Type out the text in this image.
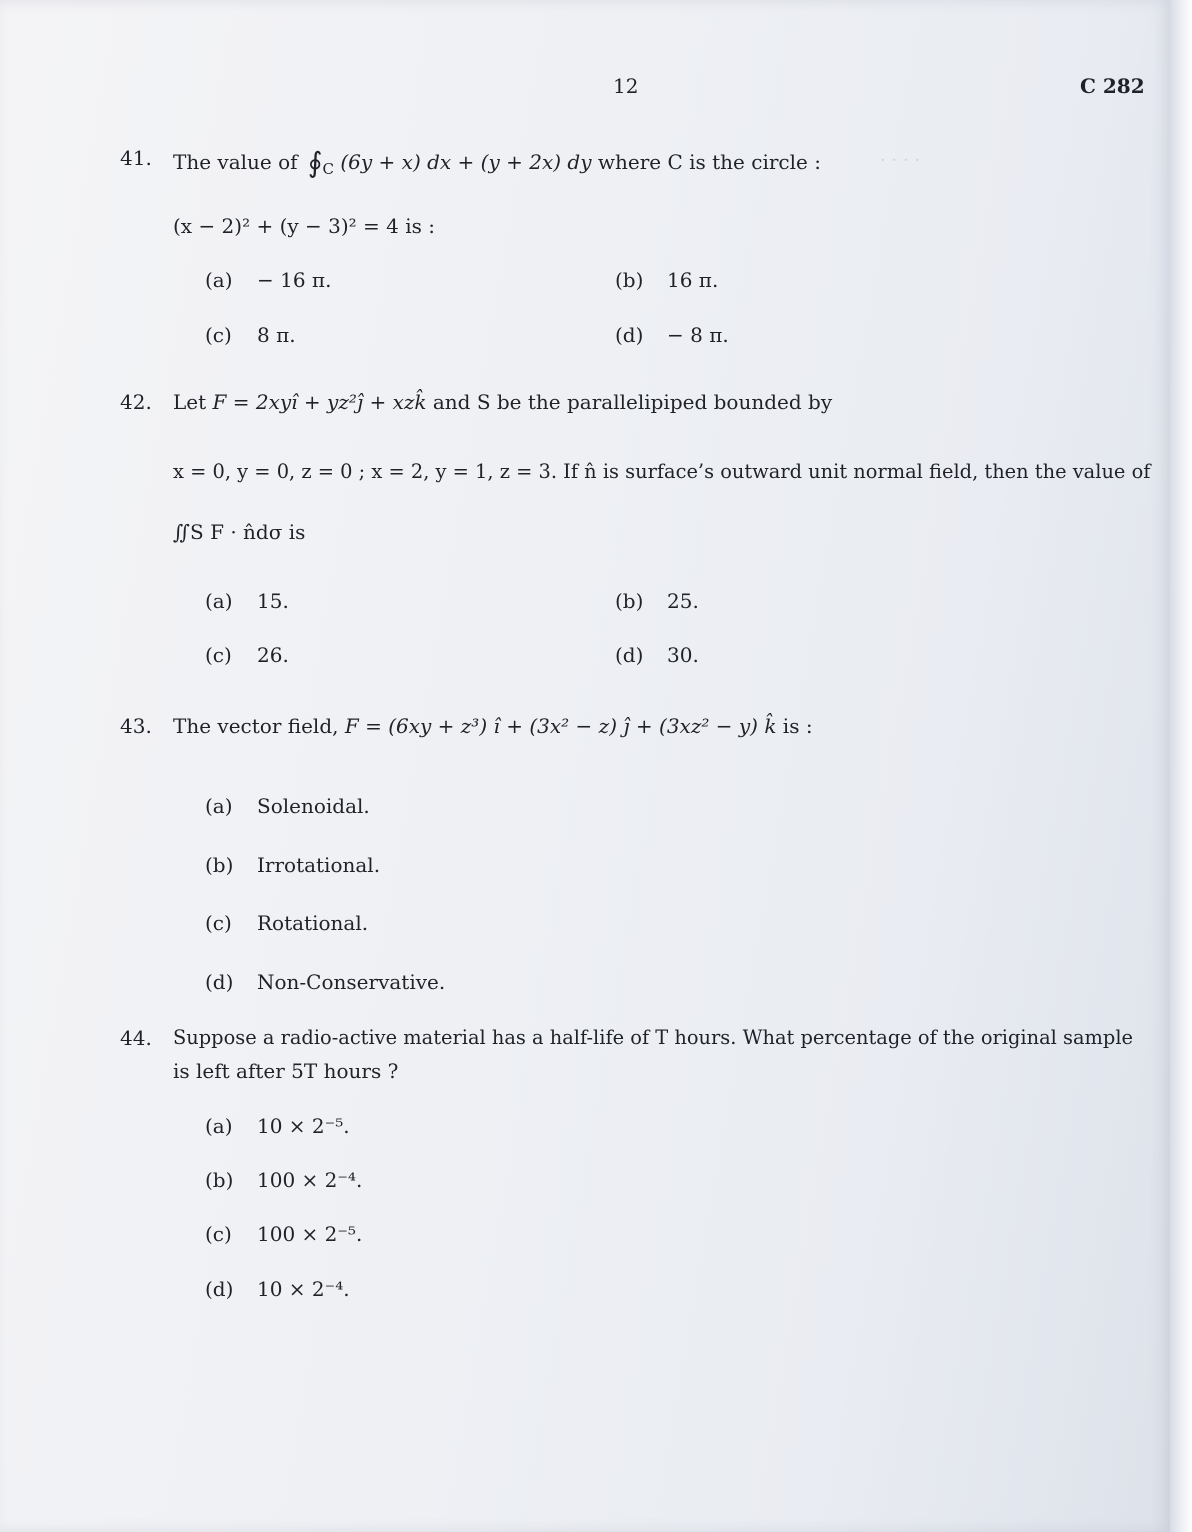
· · · ·
12	C 282
41. The value of $∮_C$ (6y + x) dx + (y + 2x) dy where C is the circle :
(x − 2)² + (y − 3)² = 4 is :
(a) − 16 π.	(b) 16 π.
(c) 8 π.	(d) − 8 π.
42. Let F = 2xyî + yz²ĵ + xzk̂ and S be the parallelipiped bounded by
x = 0, y = 0, z = 0 ; x = 2, y = 1, z = 3. If n̂ is surface’s outward unit normal field, then the value of
∬S F · n̂dσ is
(a) 15.	(b) 25.
(c) 26.	(d) 30.
43. The vector field, F = (6xy + z³) î + (3x² − z) ĵ + (3xz² − y) k̂ is :
(a) Solenoidal.
(b) Irrotational.
(c) Rotational.
(d) Non-Conservative.
44. Suppose a radio-active material has a half-life of T hours. What percentage of the original sample
is left after 5T hours ?
(a) 10 × 2⁻⁵.
(b) 100 × 2⁻⁴.
(c) 100 × 2⁻⁵.
(d) 10 × 2⁻⁴.
